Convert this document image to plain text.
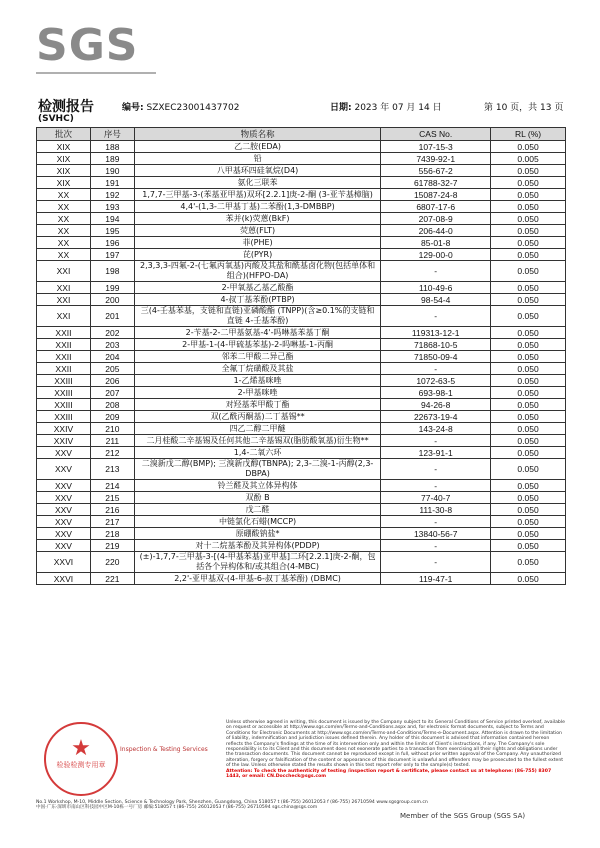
SGS
检测报告
(SVHC)
编号: SZXEC23001437702	日期: 2023 年 07 月 14 日	第 10 页，共 13 页
批次	序号	物质名称	CAS No.	RL (%)
XIX	188	乙二胺(EDA)	107-15-3	0.050
XIX	189	铅	7439-92-1	0.005
XIX	190	八甲基环四硅氧烷(D4)	556-67-2	0.050
XIX	191	氨化三联苯	61788-32-7	0.050
XX	192	1,7,7-三甲基-3-(苯基亚甲基)双环[2.2.1]庚-2-酮 (3-亚苄基樟脑)	15087-24-8	0.050
XX	193	4,4'-(1,3-二甲基丁基)二苯酚(1,3-DMBBP)	6807-17-6	0.050
XX	194	苯并(k)荧蒽(BkF)	207-08-9	0.050
XX	195	荧蒽(FLT)	206-44-0	0.050
XX	196	菲(PHE)	85-01-8	0.050
XX	197	芘(PYR)	129-00-0	0.050
XXI	198	2,3,3,3-四氟-2-(七氟丙氧基)丙酸及其盐和酰基卤化物(包括单体和组合)(HFPO-DA)	-	0.050
XXI	199	2-甲氧基乙基乙酸酯	110-49-6	0.050
XXI	200	4-叔丁基苯酚(PTBP)	98-54-4	0.050
XXI	201	三(4-壬基苯基，支链和直链)亚磷酸酯 (TNPP)(含≥0.1%的支链和直链 4-壬基苯酚)	-	0.050
XXII	202	2-苄基-2-二甲基氨基-4'-吗啉基苯基丁酮	119313-12-1	0.050
XXII	203	2-甲基-1-(4-甲硫基苯基)-2-吗啉基-1-丙酮	71868-10-5	0.050
XXII	204	邻苯二甲酸二异己酯	71850-09-4	0.050
XXII	205	全氟丁烷磺酸及其盐	-	0.050
XXIII	206	1-乙烯基咪唑	1072-63-5	0.050
XXIII	207	2-甲基咪唑	693-98-1	0.050
XXIII	208	对羟基苯甲酸丁酯	94-26-8	0.050
XXIII	209	双(乙酰丙酮基)二丁基锡**	22673-19-4	0.050
XXIV	210	四乙二醇二甲醚	143-24-8	0.050
XXIV	211	二月桂酸二辛基锡及任何其他二辛基锡双(脂肪酸氧基)衍生物**	-	0.050
XXV	212	1,4-二氧六环	123-91-1	0.050
XXV	213	二溴新戊二醇(BMP); 三溴新戊醇(TBNPA); 2,3-二溴-1-丙醇(2,3-DBPA)	-	0.050
XXV	214	铃兰醛及其立体异构体	-	0.050
XXV	215	双酚 B	77-40-7	0.050
XXV	216	戊二醛	111-30-8	0.050
XXV	217	中链氯化石蜡(MCCP)	-	0.050
XXV	218	原硼酸钠盐*	13840-56-7	0.050
XXV	219	对十二烷基苯酚及其异构体(PDDP)	-	0.050
XXVI	220	(±)-1,7,7-三甲基-3-[(4-甲基苯基)亚甲基]二环[2.2.1]庚-2-酮，包括各个异构体和/或其组合(4-MBC)	-	0.050
XXVI	221	2,2'-亚甲基双-(4-甲基-6-叔丁基苯酚) (DBMC)	119-47-1	0.050
★
检验检测专用章
Inspection & Testing Services
Unless otherwise agreed in writing, this document is issued by the Company subject to its General Conditions of Service printed overleaf, available on request or accessible at http://www.sgs.com/en/Terms-and-Conditions.aspx and, for electronic format documents, subject to Terms and Conditions for Electronic Documents at http://www.sgs.com/en/Terms-and-Conditions/Terms-e-Document.aspx. Attention is drawn to the limitation of liability, indemnification and jurisdiction issues defined therein. Any holder of this document is advised that information contained hereon reflects the Company's findings at the time of its intervention only and within the limits of Client's instructions, if any. The Company's sole responsibility is to its Client and this document does not exonerate parties to a transaction from exercising all their rights and obligations under the transaction documents. This document cannot be reproduced except in full, without prior written approval of the Company. Any unauthorized alteration, forgery or falsification of the content or appearance of this document is unlawful and offenders may be prosecuted to the fullest extent of the law. Unless otherwise stated the results shown in this test report refer only to the sample(s) tested.
Attention: To check the authenticity of testing /inspection report & certificate, please contact us at telephone: (86-755) 8307 1443, or email: CN.Doccheck@sgs.com
No.1 Workshop, M-10, Middle Section, Science & Technology Park, Shenzhen, Guangdong, China 518057 t (86-755) 26012053 f (86-755) 26710594 www.sgsgroup.com.cn
中国·广东·深圳市南山区科技园中区M-10栋一号厂房 邮编:518057 t (86-755) 26012053 f (86-755) 26710594 sgs.china@sgs.com
Member of the SGS Group (SGS SA)
